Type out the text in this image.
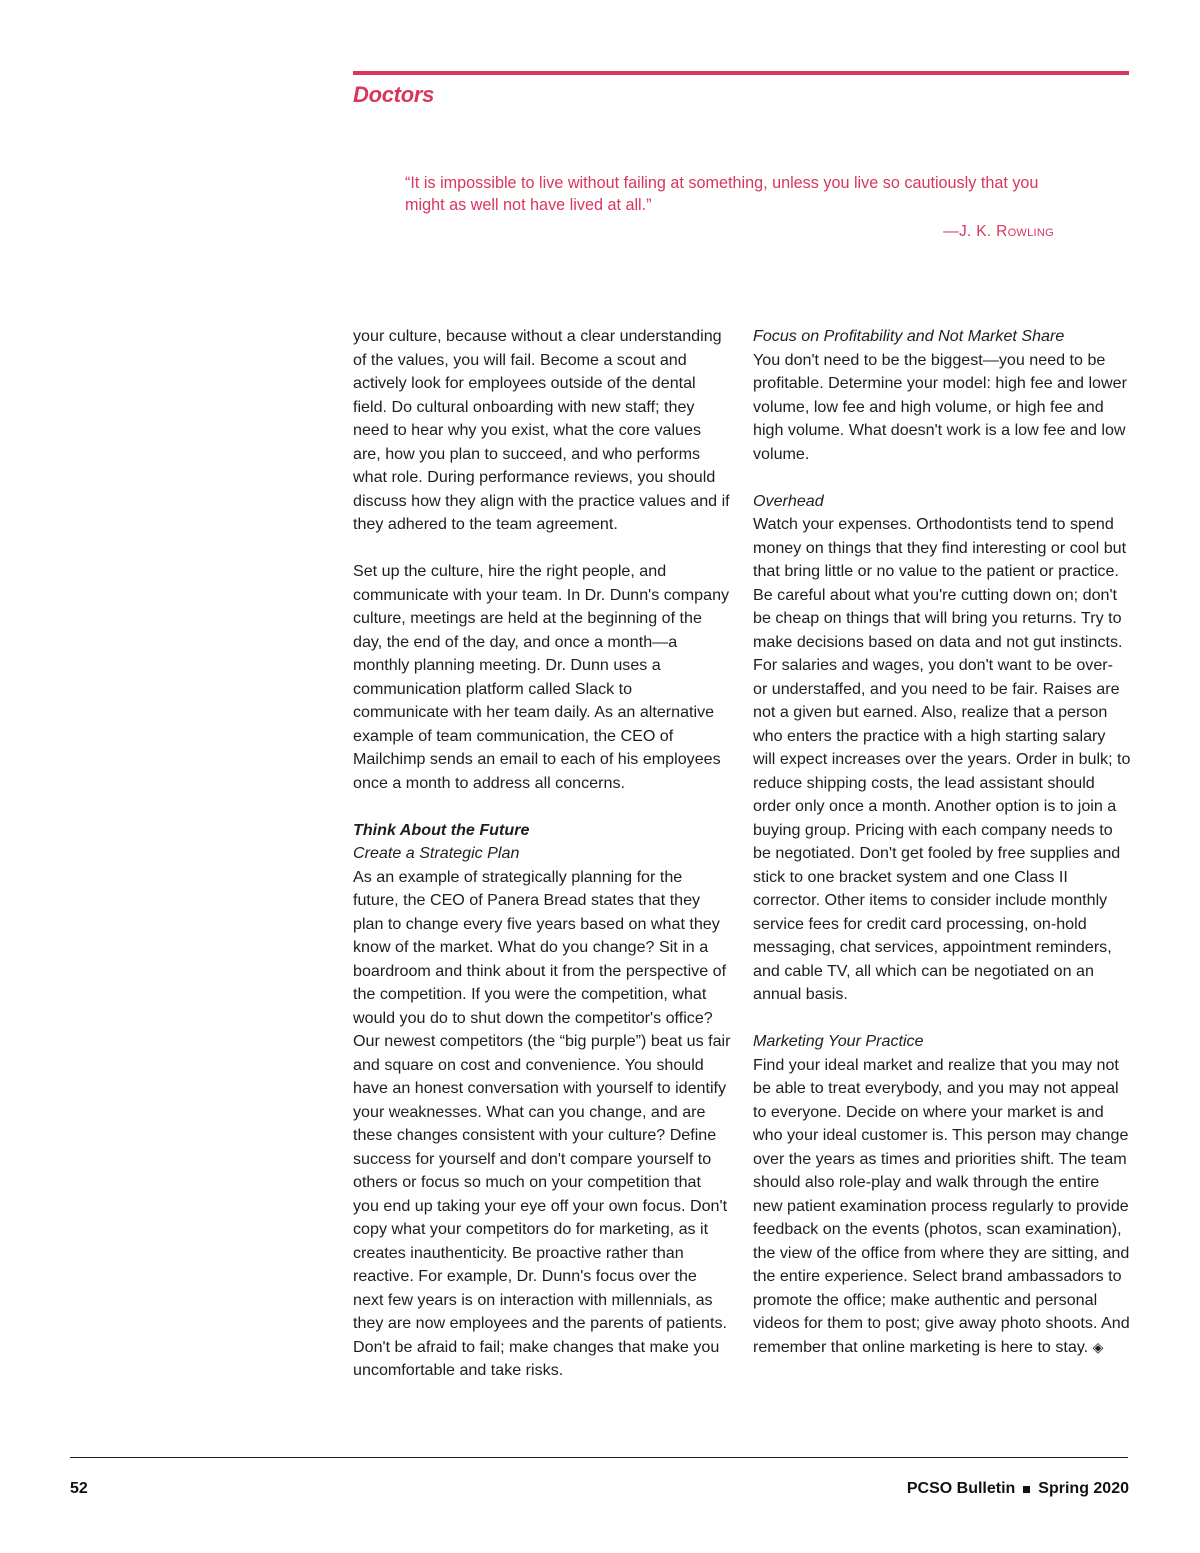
Doctors

“It is impossible to live without failing at something, unless you live so cautiously that you might as well not have lived at all.”

—J. K. Rowling

your culture, because without a clear understanding of the values, you will fail. Become a scout and actively look for employees outside of the dental field. Do cultural onboarding with new staff; they need to hear why you exist, what the core values are, how you plan to succeed, and who performs what role. During performance reviews, you should discuss how they align with the practice values and if they adhered to the team agreement.

Set up the culture, hire the right people, and communicate with your team. In Dr. Dunn's company culture, meetings are held at the beginning of the day, the end of the day, and once a month—a monthly planning meeting. Dr. Dunn uses a communication platform called Slack to communicate with her team daily. As an alternative example of team communication, the CEO of Mailchimp sends an email to each of his employees once a month to address all concerns.

Think About the Future

Create a Strategic Plan

As an example of strategically planning for the future, the CEO of Panera Bread states that they plan to change every five years based on what they know of the market. What do you change? Sit in a boardroom and think about it from the perspective of the competition. If you were the competition, what would you do to shut down the competitor's office? Our newest competitors (the “big purple”) beat us fair and square on cost and convenience. You should have an honest conversation with yourself to identify your weaknesses. What can you change, and are these changes consistent with your culture? Define success for yourself and don't compare yourself to others or focus so much on your competition that you end up taking your eye off your own focus. Don't copy what your competitors do for marketing, as it creates inauthenticity. Be proactive rather than reactive. For example, Dr. Dunn's focus over the next few years is on interaction with millennials, as they are now employees and the parents of patients. Don't be afraid to fail; make changes that make you uncomfortable and take risks.

Focus on Profitability and Not Market Share

You don't need to be the biggest—you need to be profitable. Determine your model: high fee and lower volume, low fee and high volume, or high fee and high volume. What doesn't work is a low fee and low volume.

Overhead

Watch your expenses. Orthodontists tend to spend money on things that they find interesting or cool but that bring little or no value to the patient or practice. Be careful about what you're cutting down on; don't be cheap on things that will bring you returns. Try to make decisions based on data and not gut instincts. For salaries and wages, you don't want to be over- or understaffed, and you need to be fair. Raises are not a given but earned. Also, realize that a person who enters the practice with a high starting salary will expect increases over the years. Order in bulk; to reduce shipping costs, the lead assistant should order only once a month. Another option is to join a buying group. Pricing with each company needs to be negotiated. Don't get fooled by free supplies and stick to one bracket system and one Class II corrector. Other items to consider include monthly service fees for credit card processing, on-hold messaging, chat services, appointment reminders, and cable TV, all which can be negotiated on an annual basis.

Marketing Your Practice

Find your ideal market and realize that you may not be able to treat everybody, and you may not appeal to everyone. Decide on where your market is and who your ideal customer is. This person may change over the years as times and priorities shift. The team should also role-play and walk through the entire new patient examination process regularly to provide feedback on the events (photos, scan examination), the view of the office from where they are sitting, and the entire experience. Select brand ambassadors to promote the office; make authentic and personal videos for them to post; give away photo shoots. And remember that online marketing is here to stay. ◈

52	PCSO Bulletin Spring 2020
